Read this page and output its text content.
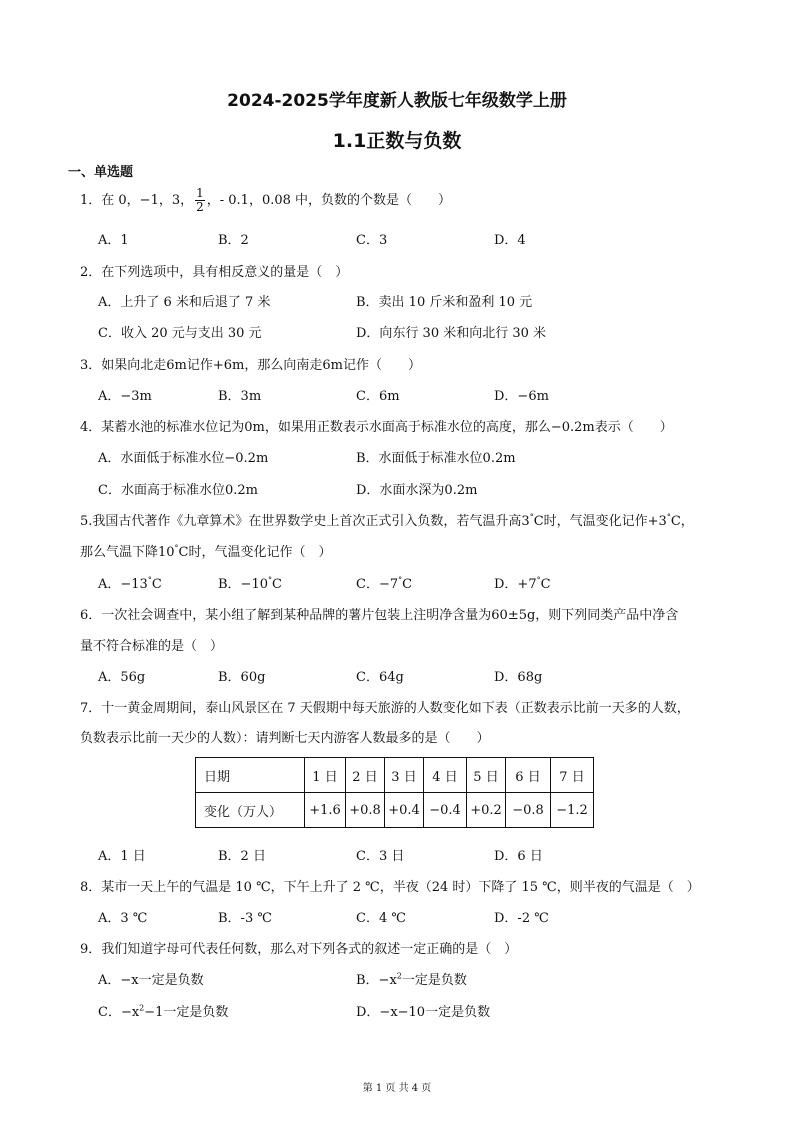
2024-2025学年度新人教版七年级数学上册
1.1正数与负数
一、单选题
1．在 0，−1，3， $\frac{1}{2}$ ，- 0.1，0.08 中，负数的个数是（　　）
A．1	B．2	C．3	D．4
2．在下列选项中，具有相反意义的量是（　）
A．上升了 6 米和后退了 7 米	B．卖出 10 斤米和盈利 10 元
C．收入 20 元与支出 30 元	D．向东行 30 米和向北行 30 米
3．如果向北走6m记作+6m，那么向南走6m记作（　　）
A．−3m	B．3m	C．6m	D．−6m
4．某蓄水池的标准水位记为0m，如果用正数表示水面高于标准水位的高度，那么−0.2m表示（　　）
A．水面低于标准水位−0.2m	B．水面低于标准水位0.2m
C．水面高于标准水位0.2m	D．水面水深为0.2m
5.我国古代著作《九章算术》在世界数学史上首次正式引入负数，若气温升高3°C时，气温变化记作+3°C，
那么气温下降10°C时，气温变化记作（　）
A．−13°C	B．−10°C	C．−7°C	D．+7°C
6．一次社会调查中，某小组了解到某种品牌的薯片包装上注明净含量为60±5g，则下列同类产品中净含
量不符合标准的是（　）
A．56g	B．60g	C．64g	D．68g
7．十一黄金周期间，泰山风景区在 7 天假期中每天旅游的人数变化如下表（正数表示比前一天多的人数，
负数表示比前一天少的人数）：请判断七天内游客人数最多的是（　　）
日期	1 日	2 日	3 日	4 日	5 日	6 日	7 日
变化（万人）	+1.6	+0.8	+0.4	−0.4	+0.2	−0.8	−1.2
A．1 日	B．2 日	C．3 日	D．6 日
8．某市一天上午的气温是 10 ℃，下午上升了 2 ℃，半夜（24 时）下降了 15 ℃，则半夜的气温是（　）
A．3 ℃	B．-3 ℃	C．4 ℃	D．-2 ℃
9．我们知道字母可代表任何数，那么对下列各式的叙述一定正确的是（　）
A．−x一定是负数	B．$-x^2$一定是负数
C．$-x^2-1$一定是负数	D．−x−10一定是负数
第 1 页 共 4 页
